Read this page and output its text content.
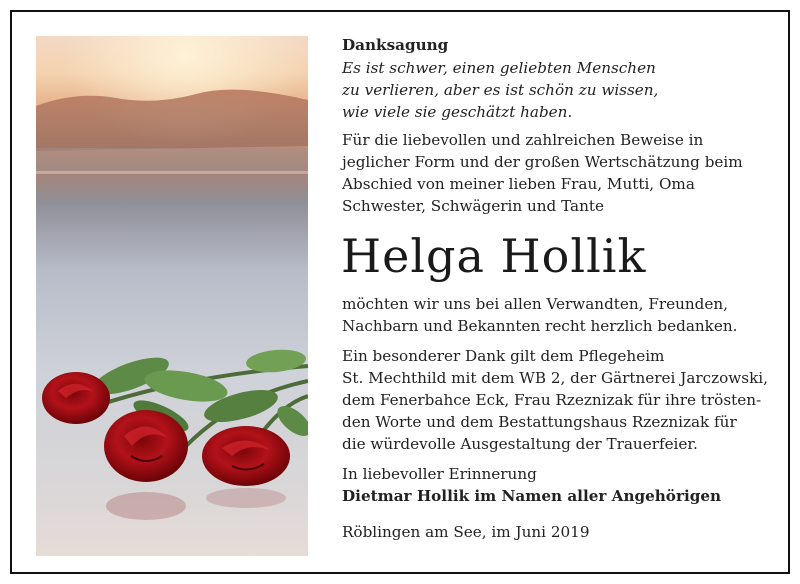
Danksagung
Es ist schwer, einen geliebten Menschen
zu verlieren, aber es ist schön zu wissen,
wie viele sie geschätzt haben.
Für die liebevollen und zahlreichen Beweise in
jeglicher Form und der großen Wertschätzung beim
Abschied von meiner lieben Frau, Mutti, Oma
Schwester, Schwägerin und Tante
Helga Hollik
möchten wir uns bei allen Verwandten, Freunden,
Nachbarn und Bekannten recht herzlich bedanken.
Ein besonderer Dank gilt dem Pflegeheim
St. Mechthild mit dem WB 2, der Gärtnerei Jarczowski,
dem Fenerbahce Eck, Frau Rzeznizak für ihre trösten-
den Worte und dem Bestattungshaus Rzeznizak für
die würdevolle Ausgestaltung der Trauerfeier.
In liebevoller Erinnerung
Dietmar Hollik im Namen aller Angehörigen
Röblingen am See, im Juni 2019
